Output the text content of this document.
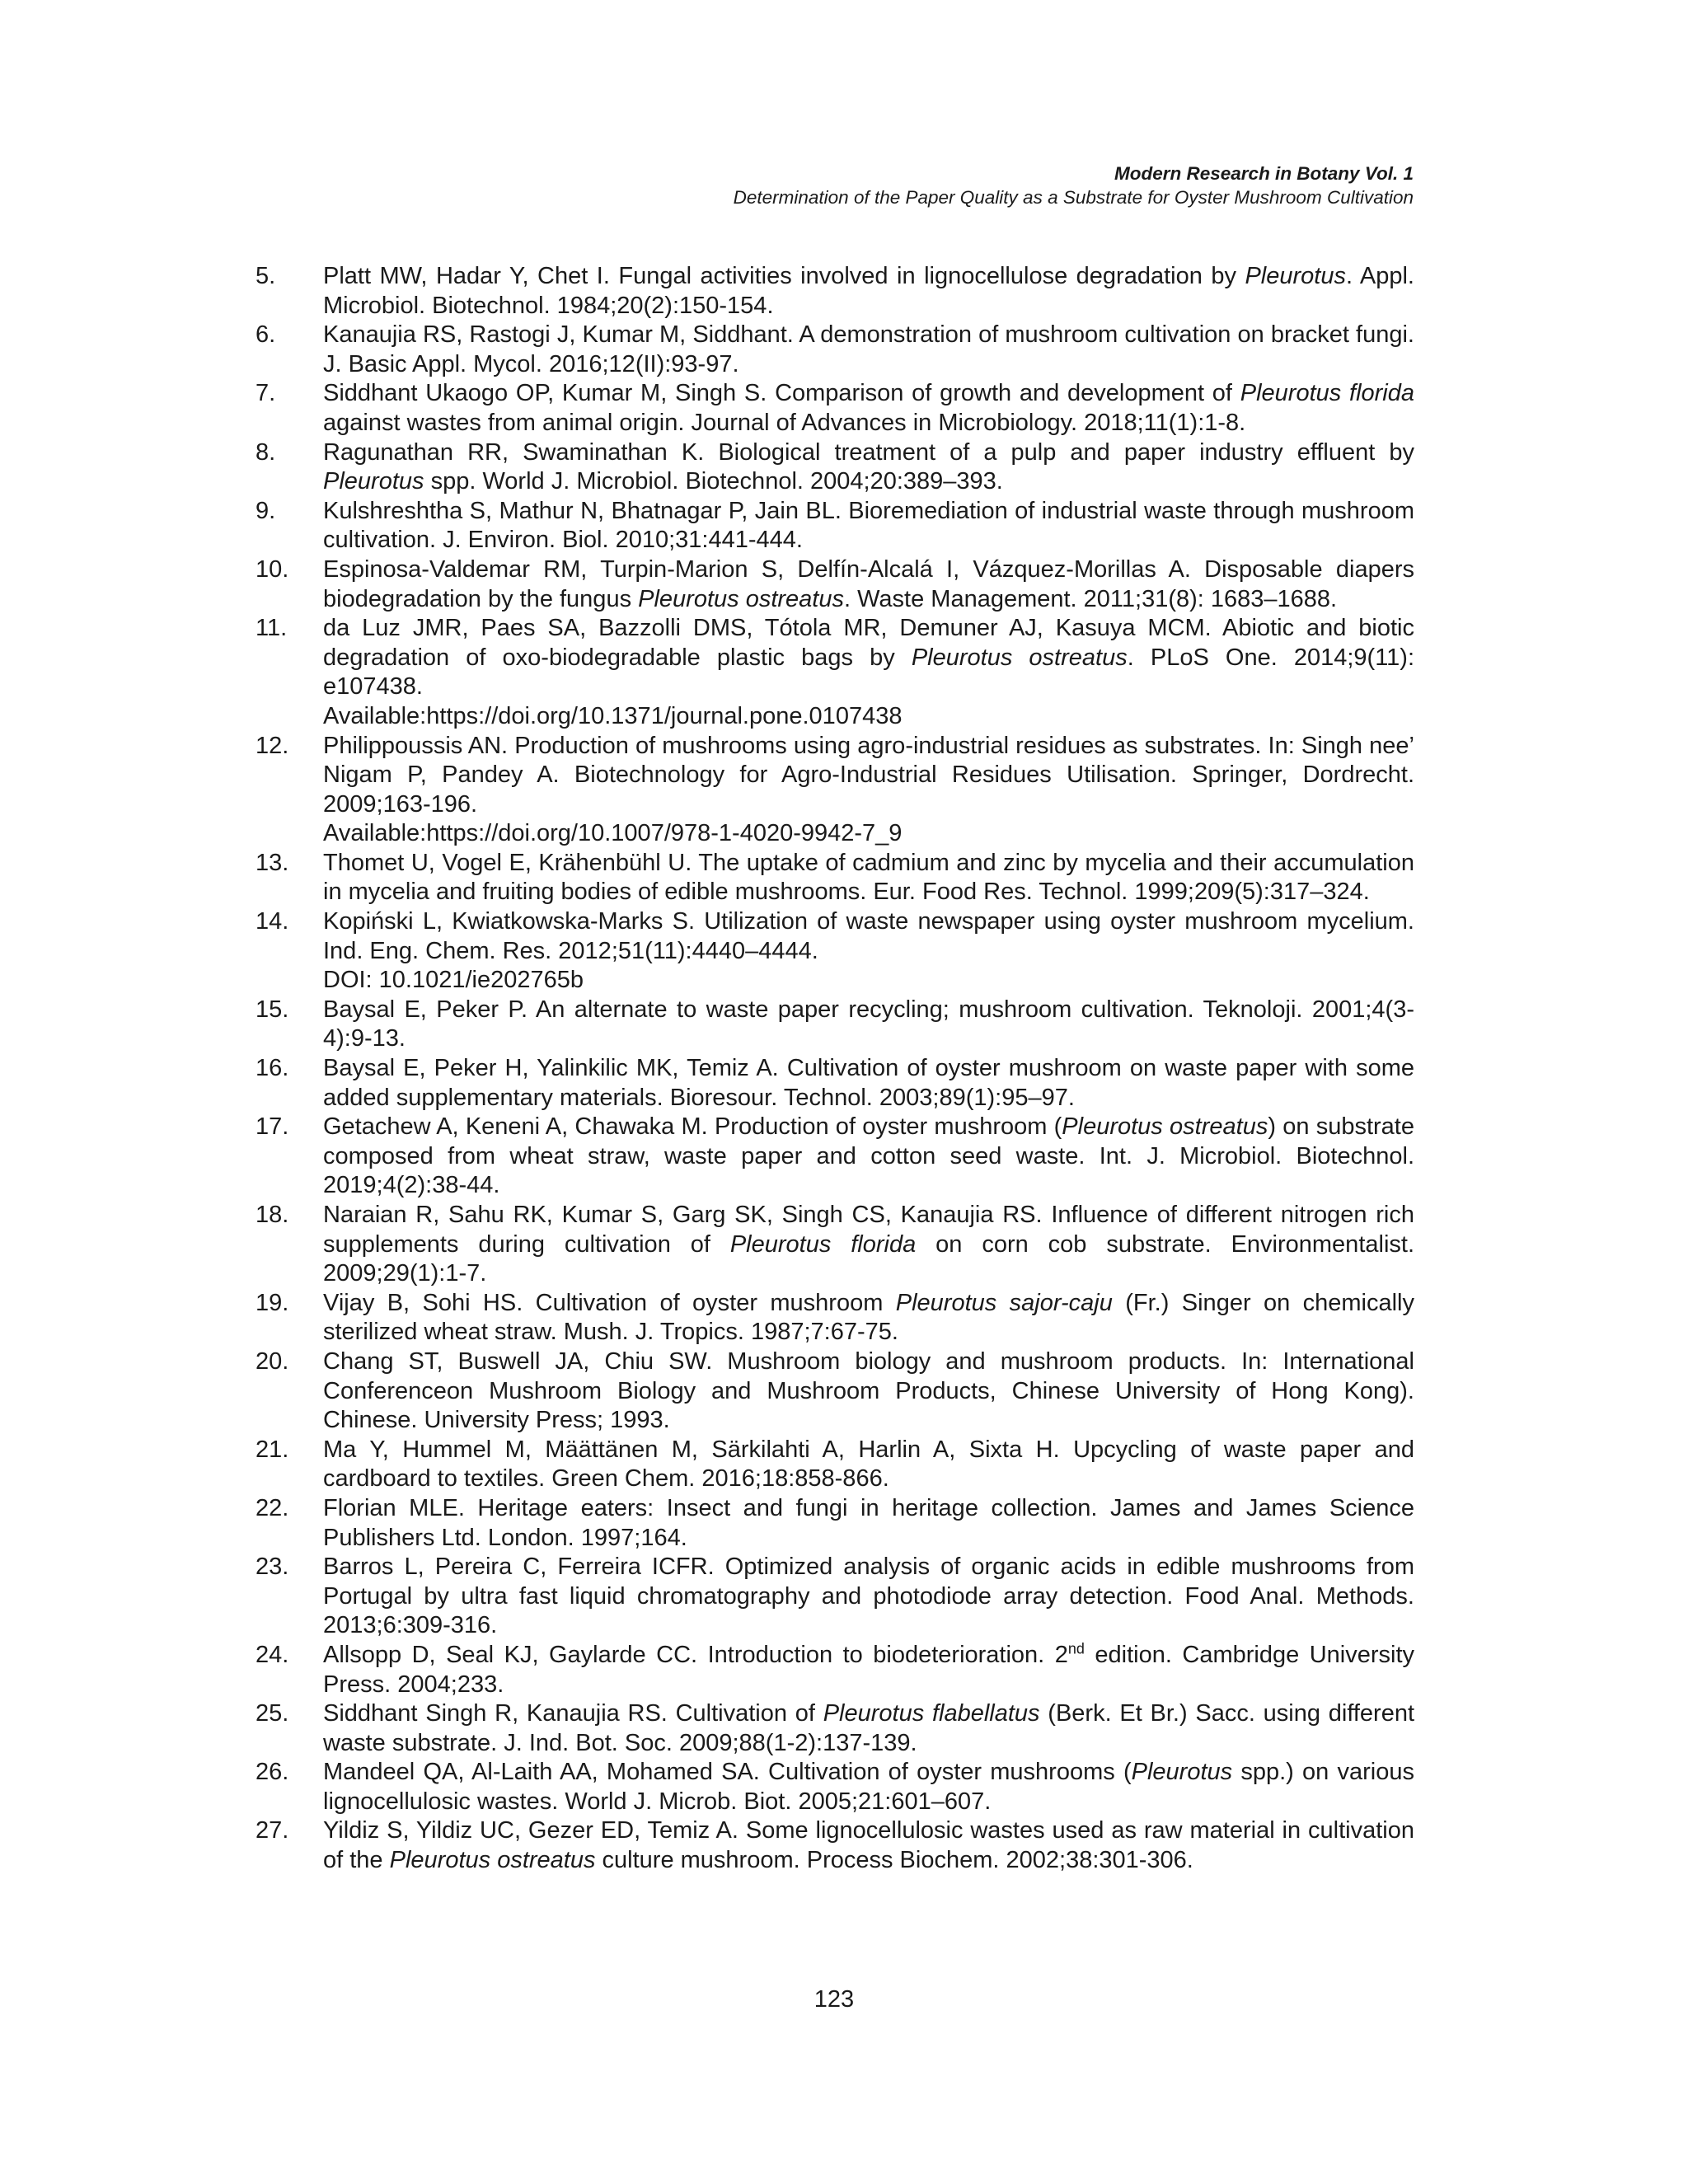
Modern Research in Botany Vol. 1
Determination of the Paper Quality as a Substrate for Oyster Mushroom Cultivation
5. Platt MW, Hadar Y, Chet I. Fungal activities involved in lignocellulose degradation by Pleurotus. Appl. Microbiol. Biotechnol. 1984;20(2):150-154.
6. Kanaujia RS, Rastogi J, Kumar M, Siddhant. A demonstration of mushroom cultivation on bracket fungi. J. Basic Appl. Mycol. 2016;12(II):93-97.
7. Siddhant Ukaogo OP, Kumar M, Singh S. Comparison of growth and development of Pleurotus florida against wastes from animal origin. Journal of Advances in Microbiology. 2018;11(1):1-8.
8. Ragunathan RR, Swaminathan K. Biological treatment of a pulp and paper industry effluent by Pleurotus spp. World J. Microbiol. Biotechnol. 2004;20:389–393.
9. Kulshreshtha S, Mathur N, Bhatnagar P, Jain BL. Bioremediation of industrial waste through mushroom cultivation. J. Environ. Biol. 2010;31:441-444.
10. Espinosa-Valdemar RM, Turpin-Marion S, Delfín-Alcalá I, Vázquez-Morillas A. Disposable diapers biodegradation by the fungus Pleurotus ostreatus. Waste Management. 2011;31(8): 1683–1688.
11. da Luz JMR, Paes SA, Bazzolli DMS, Tótola MR, Demuner AJ, Kasuya MCM. Abiotic and biotic degradation of oxo-biodegradable plastic bags by Pleurotus ostreatus. PLoS One. 2014;9(11): e107438.
Available:https://doi.org/10.1371/journal.pone.0107438
12. Philippoussis AN. Production of mushrooms using agro-industrial residues as substrates. In: Singh nee’ Nigam P, Pandey A. Biotechnology for Agro-Industrial Residues Utilisation. Springer, Dordrecht. 2009;163-196.
Available:https://doi.org/10.1007/978-1-4020-9942-7_9
13. Thomet U, Vogel E, Krähenbühl U. The uptake of cadmium and zinc by mycelia and their accumulation in mycelia and fruiting bodies of edible mushrooms. Eur. Food Res. Technol. 1999;209(5):317–324.
14. Kopiński L, Kwiatkowska-Marks S. Utilization of waste newspaper using oyster mushroom mycelium. Ind. Eng. Chem. Res. 2012;51(11):4440–4444.
DOI: 10.1021/ie202765b
15. Baysal E, Peker P. An alternate to waste paper recycling; mushroom cultivation. Teknoloji. 2001;4(3-4):9-13.
16. Baysal E, Peker H, Yalinkilic MK, Temiz A. Cultivation of oyster mushroom on waste paper with some added supplementary materials. Bioresour. Technol. 2003;89(1):95–97.
17. Getachew A, Keneni A, Chawaka M. Production of oyster mushroom (Pleurotus ostreatus) on substrate composed from wheat straw, waste paper and cotton seed waste. Int. J. Microbiol. Biotechnol. 2019;4(2):38-44.
18. Naraian R, Sahu RK, Kumar S, Garg SK, Singh CS, Kanaujia RS. Influence of different nitrogen rich supplements during cultivation of Pleurotus florida on corn cob substrate. Environmentalist. 2009;29(1):1-7.
19. Vijay B, Sohi HS. Cultivation of oyster mushroom Pleurotus sajor-caju (Fr.) Singer on chemically sterilized wheat straw. Mush. J. Tropics. 1987;7:67-75.
20. Chang ST, Buswell JA, Chiu SW. Mushroom biology and mushroom products. In: International Conferenceon Mushroom Biology and Mushroom Products, Chinese University of Hong Kong). Chinese. University Press; 1993.
21. Ma Y, Hummel M, Määttänen M, Särkilahti A, Harlin A, Sixta H. Upcycling of waste paper and cardboard to textiles. Green Chem. 2016;18:858-866.
22. Florian MLE. Heritage eaters: Insect and fungi in heritage collection. James and James Science Publishers Ltd. London. 1997;164.
23. Barros L, Pereira C, Ferreira ICFR. Optimized analysis of organic acids in edible mushrooms from Portugal by ultra fast liquid chromatography and photodiode array detection. Food Anal. Methods. 2013;6:309-316.
24. Allsopp D, Seal KJ, Gaylarde CC. Introduction to biodeterioration. 2nd edition. Cambridge University Press. 2004;233.
25. Siddhant Singh R, Kanaujia RS. Cultivation of Pleurotus flabellatus (Berk. Et Br.) Sacc. using different waste substrate. J. Ind. Bot. Soc. 2009;88(1-2):137-139.
26. Mandeel QA, Al-Laith AA, Mohamed SA. Cultivation of oyster mushrooms (Pleurotus spp.) on various lignocellulosic wastes. World J. Microb. Biot. 2005;21:601–607.
27. Yildiz S, Yildiz UC, Gezer ED, Temiz A. Some lignocellulosic wastes used as raw material in cultivation of the Pleurotus ostreatus culture mushroom. Process Biochem. 2002;38:301-306.
123
